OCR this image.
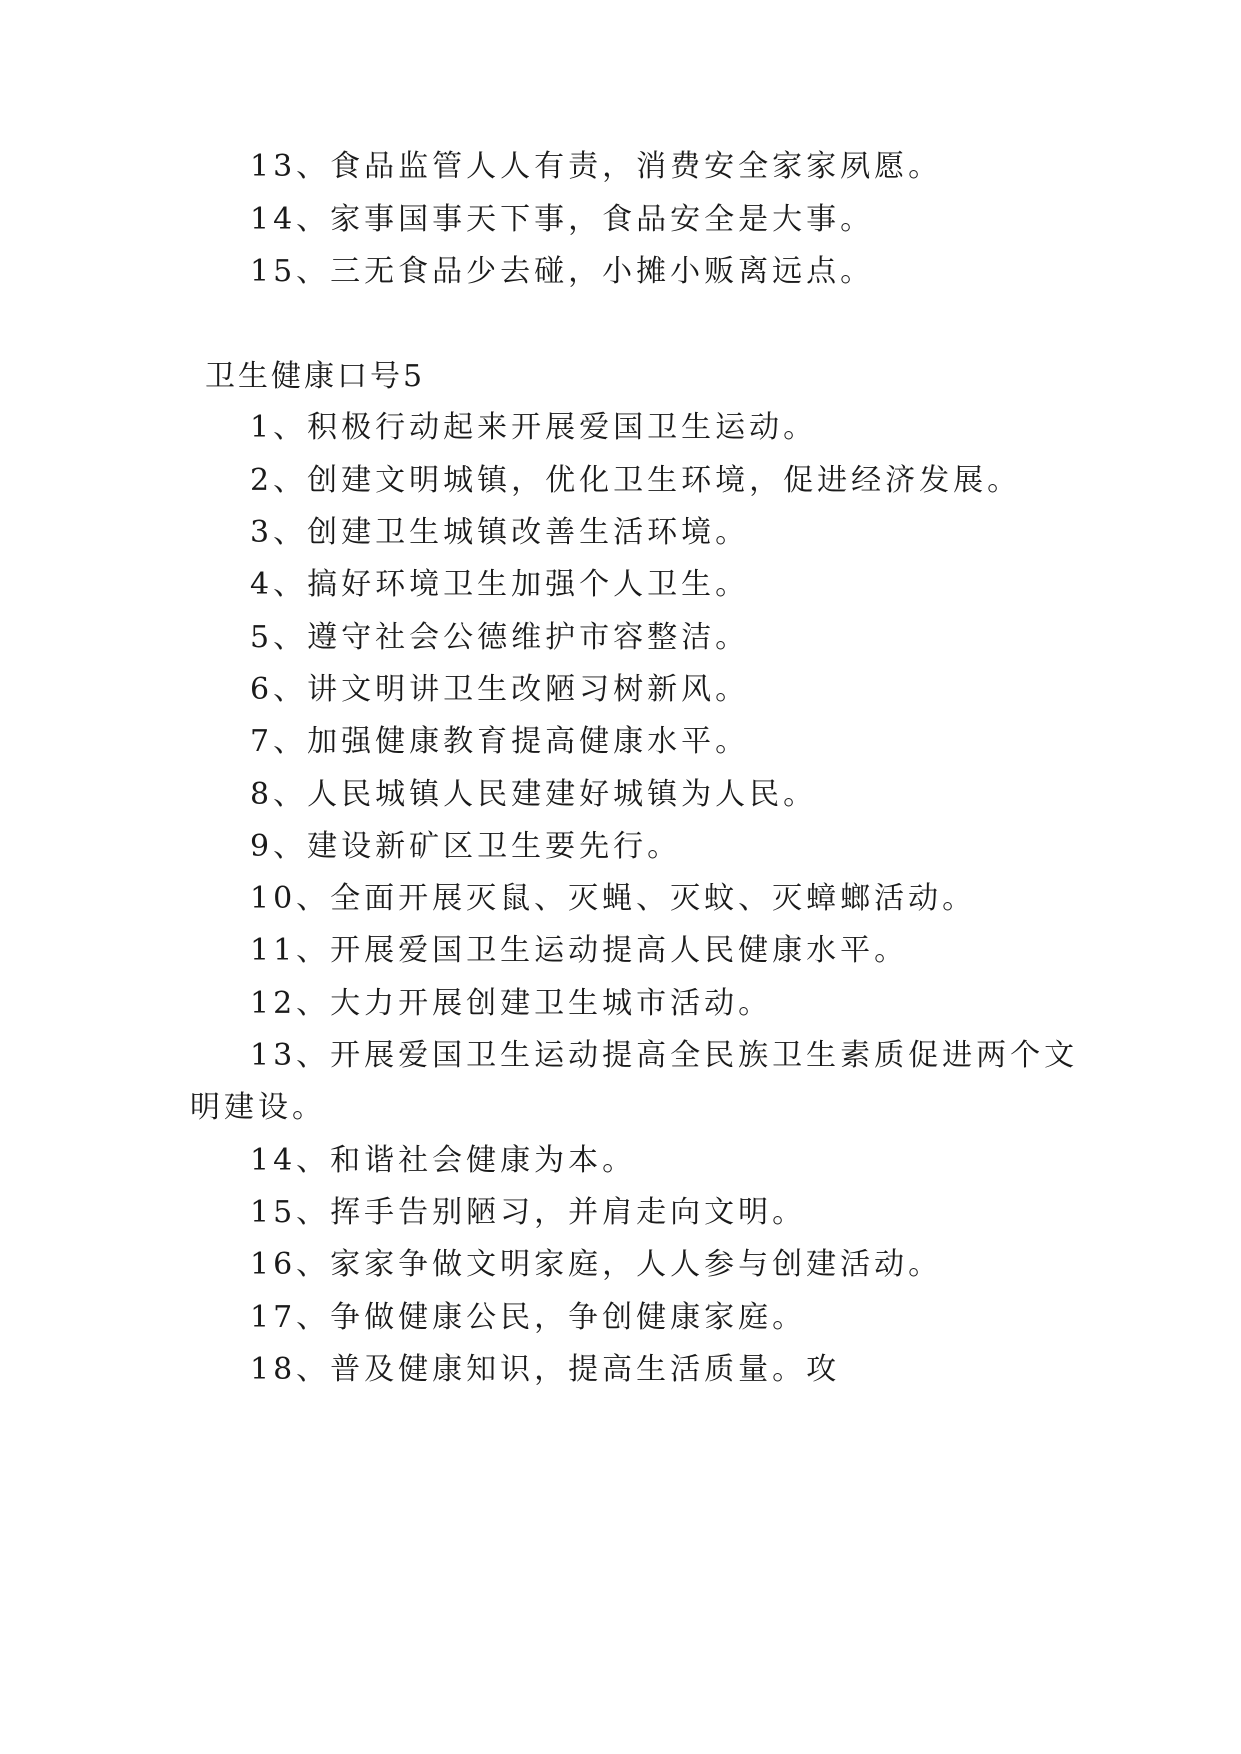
13、食品监管人人有责，消费安全家家夙愿。
14、家事国事天下事，食品安全是大事。
15、三无食品少去碰，小摊小贩离远点。
卫生健康口号5
1、积极行动起来开展爱国卫生运动。
2、创建文明城镇，优化卫生环境，促进经济发展。
3、创建卫生城镇改善生活环境。
4、搞好环境卫生加强个人卫生。
5、遵守社会公德维护市容整洁。
6、讲文明讲卫生改陋习树新风。
7、加强健康教育提高健康水平。
8、人民城镇人民建建好城镇为人民。
9、建设新矿区卫生要先行。
10、全面开展灭鼠、灭蝇、灭蚊、灭蟑螂活动。
11、开展爱国卫生运动提高人民健康水平。
12、大力开展创建卫生城市活动。
13、开展爱国卫生运动提高全民族卫生素质促进两个文
明建设。
14、和谐社会健康为本。
15、挥手告别陋习，并肩走向文明。
16、家家争做文明家庭，人人参与创建活动。
17、争做健康公民，争创健康家庭。
18、普及健康知识，提高生活质量。攻
